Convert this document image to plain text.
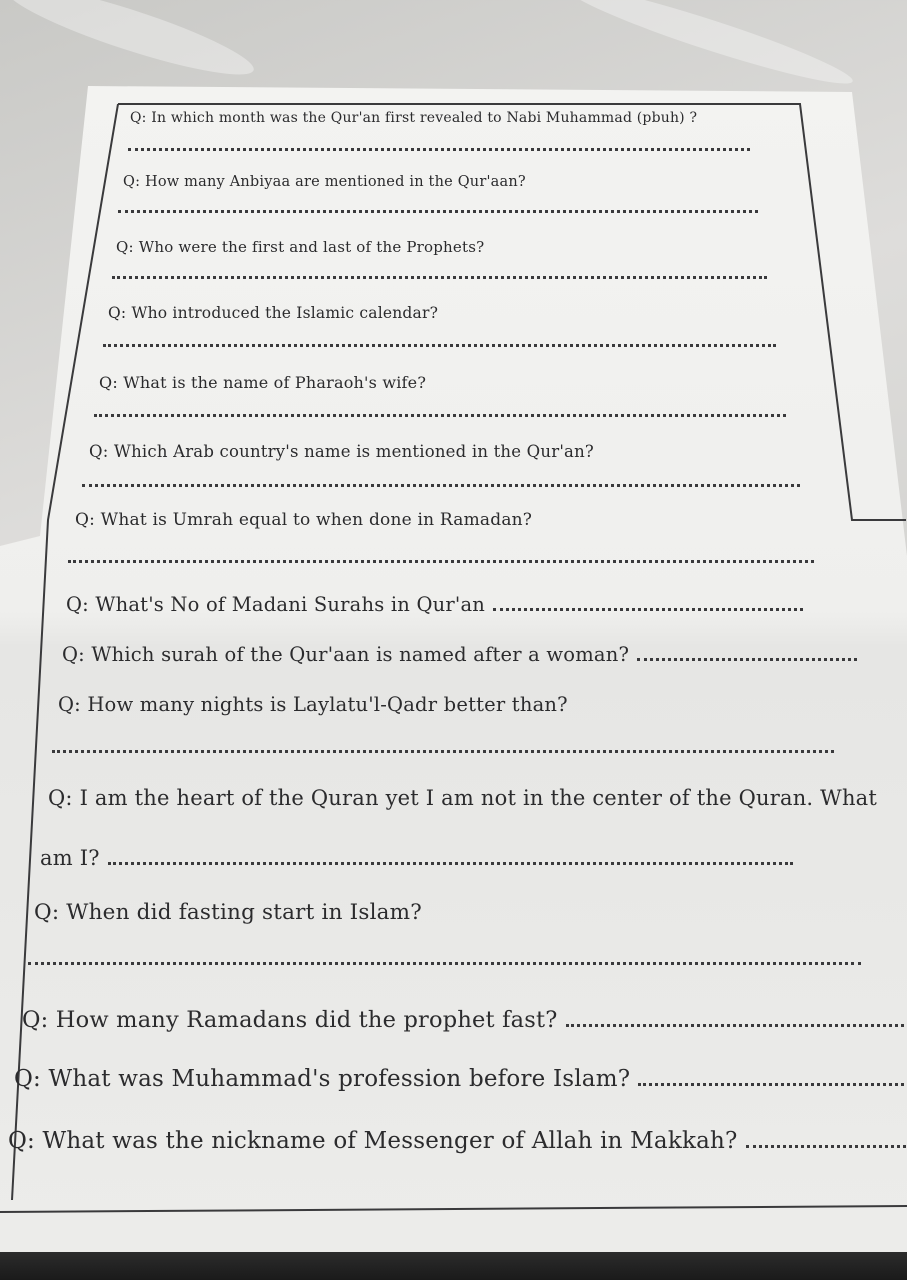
Q: In which month was the Qur'an first revealed to Nabi Muhammad (pbuh) ?
Q: How many Anbiyaa are mentioned in the Qur'aan?
Q: Who were the first and last of the Prophets?
Q: Who introduced the Islamic calendar?
Q: What is the name of Pharaoh's wife?
Q: Which Arab country's name is mentioned in the Qur'an?
Q: What is Umrah equal to when done in Ramadan?
Q: What's No of Madani Surahs in Qur'an
Q: Which surah of the Qur'aan is named after a woman?
Q: How many nights is Laylatu'l-Qadr better than?
Q: I am the heart of the Quran yet I am not in the center of the Quran. What
am I?
Q: When did fasting start in Islam?
Q: How many Ramadans did the prophet fast?
Q: What was Muhammad's profession before Islam?
Q: What was the nickname of Messenger of Allah in Makkah?
